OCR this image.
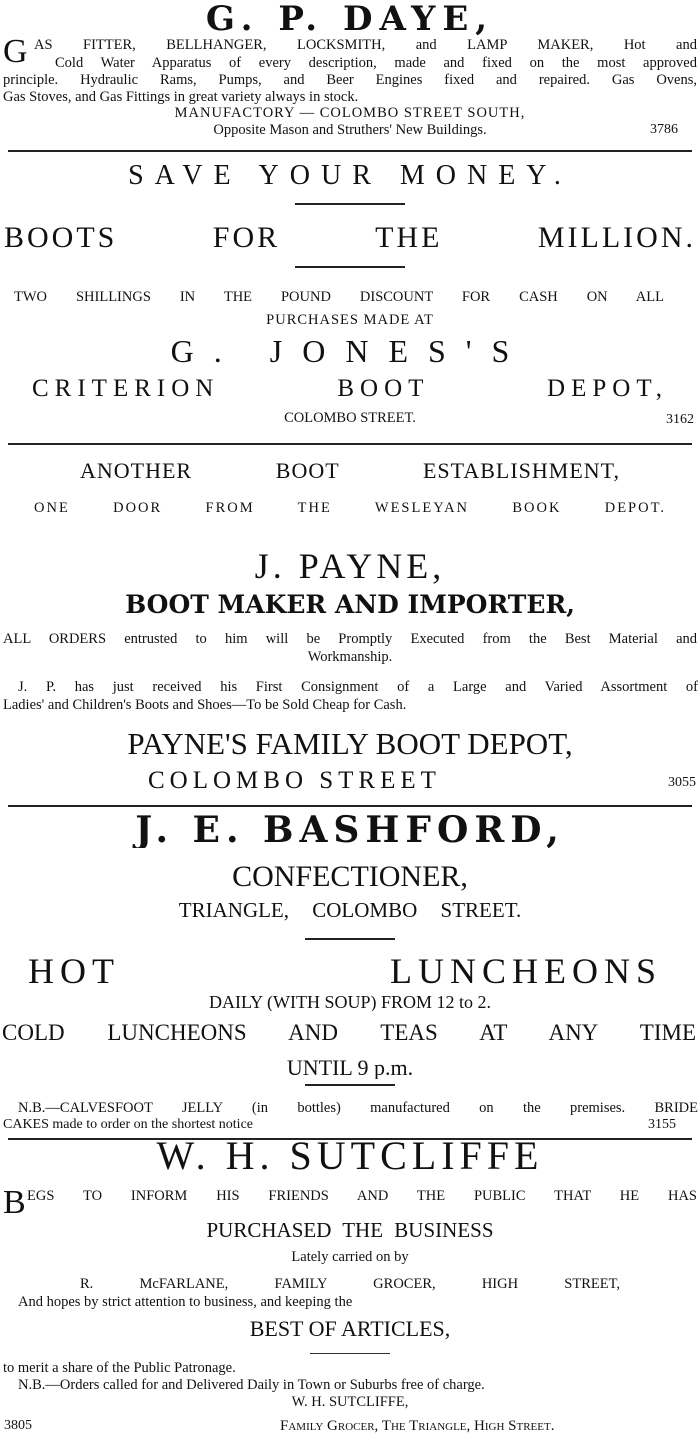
G. P. DAYE,
G AS FITTER, BELLHANGER, LOCKSMITH, and LAMP MAKER, Hot and
Cold Water Apparatus of every description, made and fixed on the most approved
principle. Hydraulic Rams, Pumps, and Beer Engines fixed and repaired. Gas Ovens,
Gas Stoves, and Gas Fittings in great variety always in stock.
MANUFACTORY — COLOMBO STREET SOUTH,
Opposite Mason and Struthers' New Buildings.	3786
SAVE YOUR MONEY.
BOOTS FOR THE MILLION.
TWO SHILLINGS IN THE POUND DISCOUNT FOR CASH ON ALL
PURCHASES MADE AT
G. JONES'S
CRITERION BOOT DEPOT,
COLOMBO STREET.	3162
ANOTHER BOOT ESTABLISHMENT,
ONE DOOR FROM THE WESLEYAN BOOK DEPOT.
J. PAYNE,
BOOT MAKER AND IMPORTER,
ALL ORDERS entrusted to him will be Promptly Executed from the Best Material and
Workmanship.
J. P. has just received his First Consignment of a Large and Varied Assortment of
Ladies' and Children's Boots and Shoes—To be Sold Cheap for Cash.
PAYNE'S FAMILY BOOT DEPOT,
COLOMBO STREET	3055
J. E. BASHFORD,
CONFECTIONER,
TRIANGLE, COLOMBO STREET.
HOT LUNCHEONS
DAILY (WITH SOUP) FROM 12 to 2.
COLD LUNCHEONS AND TEAS AT ANY TIME
UNTIL 9 p.m.
N.B.—CALVESFOOT JELLY (in bottles) manufactured on the premises. BRIDE
CAKES made to order on the shortest notice	3155
W. H. SUTCLIFFE
B EGS TO INFORM HIS FRIENDS AND THE PUBLIC THAT HE HAS
PURCHASED THE BUSINESS
Lately carried on by
R. McFARLANE, FAMILY GROCER, HIGH STREET,
And hopes by strict attention to business, and keeping the
BEST OF ARTICLES,
to merit a share of the Public Patronage.
N.B.—Orders called for and Delivered Daily in Town or Suburbs free of charge.
W. H. SUTCLIFFE,
3805	Family Grocer, The Triangle, High Street.
